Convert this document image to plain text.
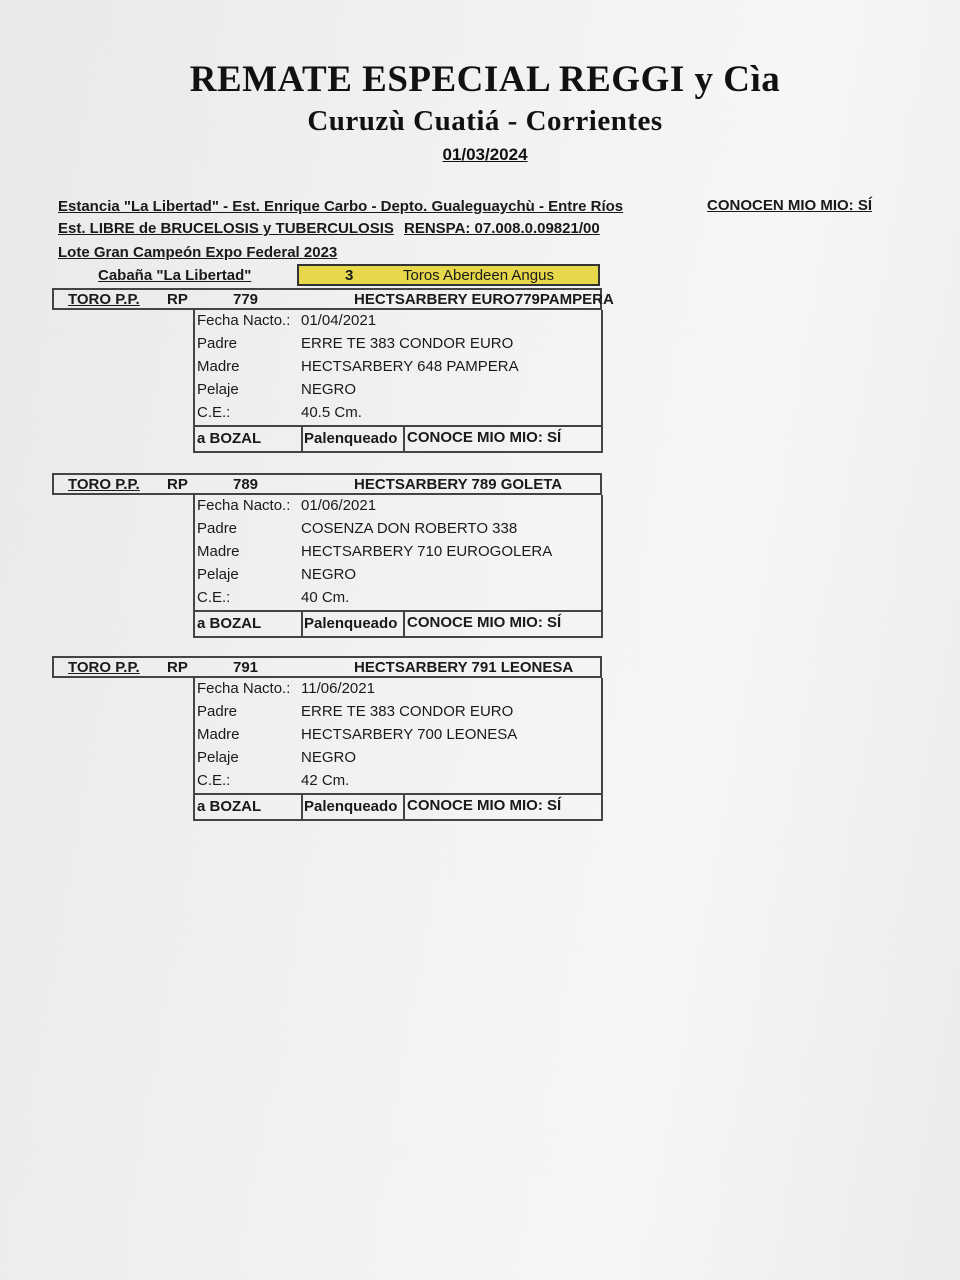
REMATE ESPECIAL REGGI y Cìa
Curuzù Cuatiá - Corrientes
01/03/2024
Estancia "La Libertad" - Est. Enrique Carbo - Depto. Gualeguaychù - Entre Ríos	CONOCEN MIO MIO: SÍ
Est. LIBRE de BRUCELOSIS y TUBERCULOSIS RENSPA: 07.008.0.09821/00
Lote Gran Campeón Expo Federal 2023
Cabaña "La Libertad"	3	Toros Aberdeen Angus
TORO P.P. RP	779	HECTSARBERY EURO779PAMPERA
Fecha Nacto.: 01/04/2021
Padre	ERRE TE 383 CONDOR EURO
Madre	HECTSARBERY 648 PAMPERA
Pelaje	NEGRO
C.E.:	40.5 Cm.
a BOZAL	Palenqueado CONOCE MIO MIO: SÍ
TORO P.P. RP	789	HECTSARBERY 789 GOLETA
Fecha Nacto.: 01/06/2021
Padre	COSENZA DON ROBERTO 338
Madre	HECTSARBERY 710 EUROGOLERA
Pelaje	NEGRO
C.E.:	40 Cm.
a BOZAL	Palenqueado CONOCE MIO MIO: SÍ
TORO P.P. RP	791	HECTSARBERY 791 LEONESA
Fecha Nacto.: 11/06/2021
Padre	ERRE TE 383 CONDOR EURO
Madre	HECTSARBERY 700 LEONESA
Pelaje	NEGRO
C.E.:	42 Cm.
a BOZAL	Palenqueado CONOCE MIO MIO: SÍ
